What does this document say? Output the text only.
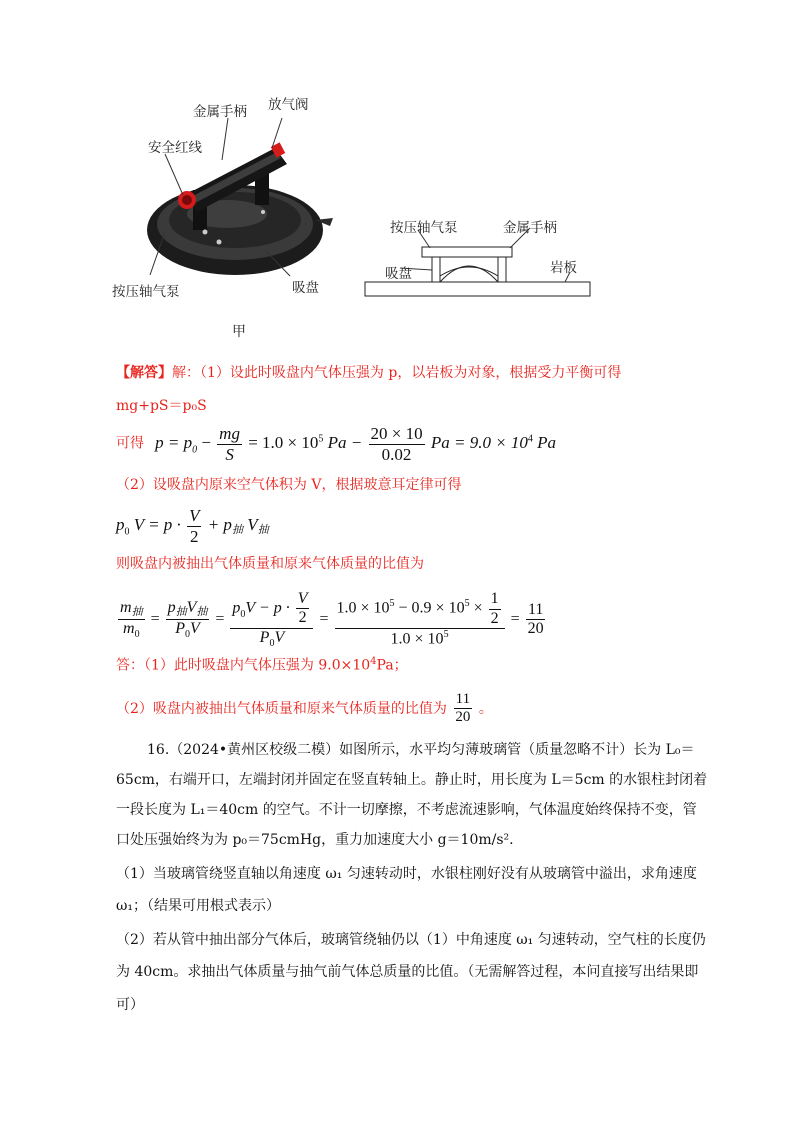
金属手柄 放气阀
安全红线
按压轴气泵	吸盘
按压轴气泵	金属手柄
吸盘	岩板
甲
【解答】解：（1）设此时吸盘内气体压强为 p，以岩板为对象，根据受力平衡可得
mg+pS＝p₀S
可得 $p = p_0 - \frac{mg}{S} = 1.0 \times 10^5$ $Pa - \frac{20 \times 10}{0.02}$ $Pa = 9.0 \times 10^4$ Pa
（2）设吸盘内原来空气体积为 V，根据玻意耳定律可得
$p_0$ $V = p \cdot \frac{V}{2} + p$抽 V抽
则吸盘内被抽出气体质量和原来气体质量的比值为
$\frac{\text{m抽}}{m_0} = \frac{\text{p抽V抽}}{P_0V} = \frac{p_0V - p \cdot \frac{V}{2}}{P_0V} = \frac{1.0 \times 10^5 - 0.9 \times 10^5 \times \frac{1}{2}}{1.0 \times 10^5} = \frac{11}{20}$
答：（1）此时吸盘内气体压强为 $9.0\times 10^4Pa$；
（2）吸盘内被抽出气体质量和原来气体质量的比值为 $\frac{11}{20}$ 。
16.（2024•黄州区校级二模）如图所示，水平均匀薄玻璃管（质量忽略不计）长为 L₀＝
65cm，右端开口，左端封闭并固定在竖直转轴上。静止时，用长度为 L＝5cm 的水银柱封闭着
一段长度为 L₁＝40cm 的空气。不计一切摩擦，不考虑流速影响，气体温度始终保持不变，管
口处压强始终为为 p₀＝75cmHg，重力加速度大小 g＝10m/s².
（1）当玻璃管绕竖直轴以角速度 ω₁ 匀速转动时，水银柱刚好没有从玻璃管中溢出，求角速度
ω₁；（结果可用根式表示）
（2）若从管中抽出部分气体后，玻璃管绕轴仍以（1）中角速度 ω₁ 匀速转动，空气柱的长度仍
为 40cm。求抽出气体质量与抽气前气体总质量的比值。（无需解答过程，本问直接写出结果即
可）
